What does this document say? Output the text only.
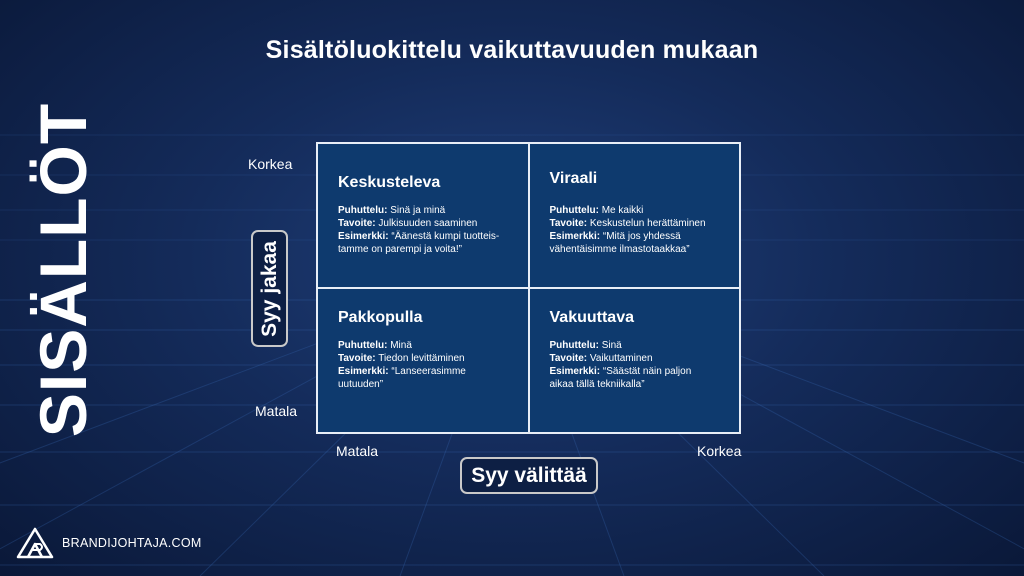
Sisältöluokittelu vaikuttavuuden mukaan
SISÄLLÖT	Korkea
Matala
Matala	Korkea
Syy jakaa
Syy välittää
Keskusteleva
Puhuttelu: Sinä ja minä
Tavoite: Julkisuuden saaminen
Esimerkki: “Äänestä kumpi tuotteis-
tamme on parempi ja voita!”
Viraali
Puhuttelu: Me kaikki
Tavoite: Keskustelun herättäminen
Esimerkki: “Mitä jos yhdessä
vähentäisimme ilmastotaakkaa”
Pakkopulla
Puhuttelu: Minä
Tavoite: Tiedon levittäminen
Esimerkki: “Lanseerasimme
uutuuden”
Vakuuttava
Puhuttelu: Sinä
Tavoite: Vaikuttaminen
Esimerkki: “Säästät näin paljon
aikaa tällä tekniikalla”
BRANDIJOHTAJA.COM
